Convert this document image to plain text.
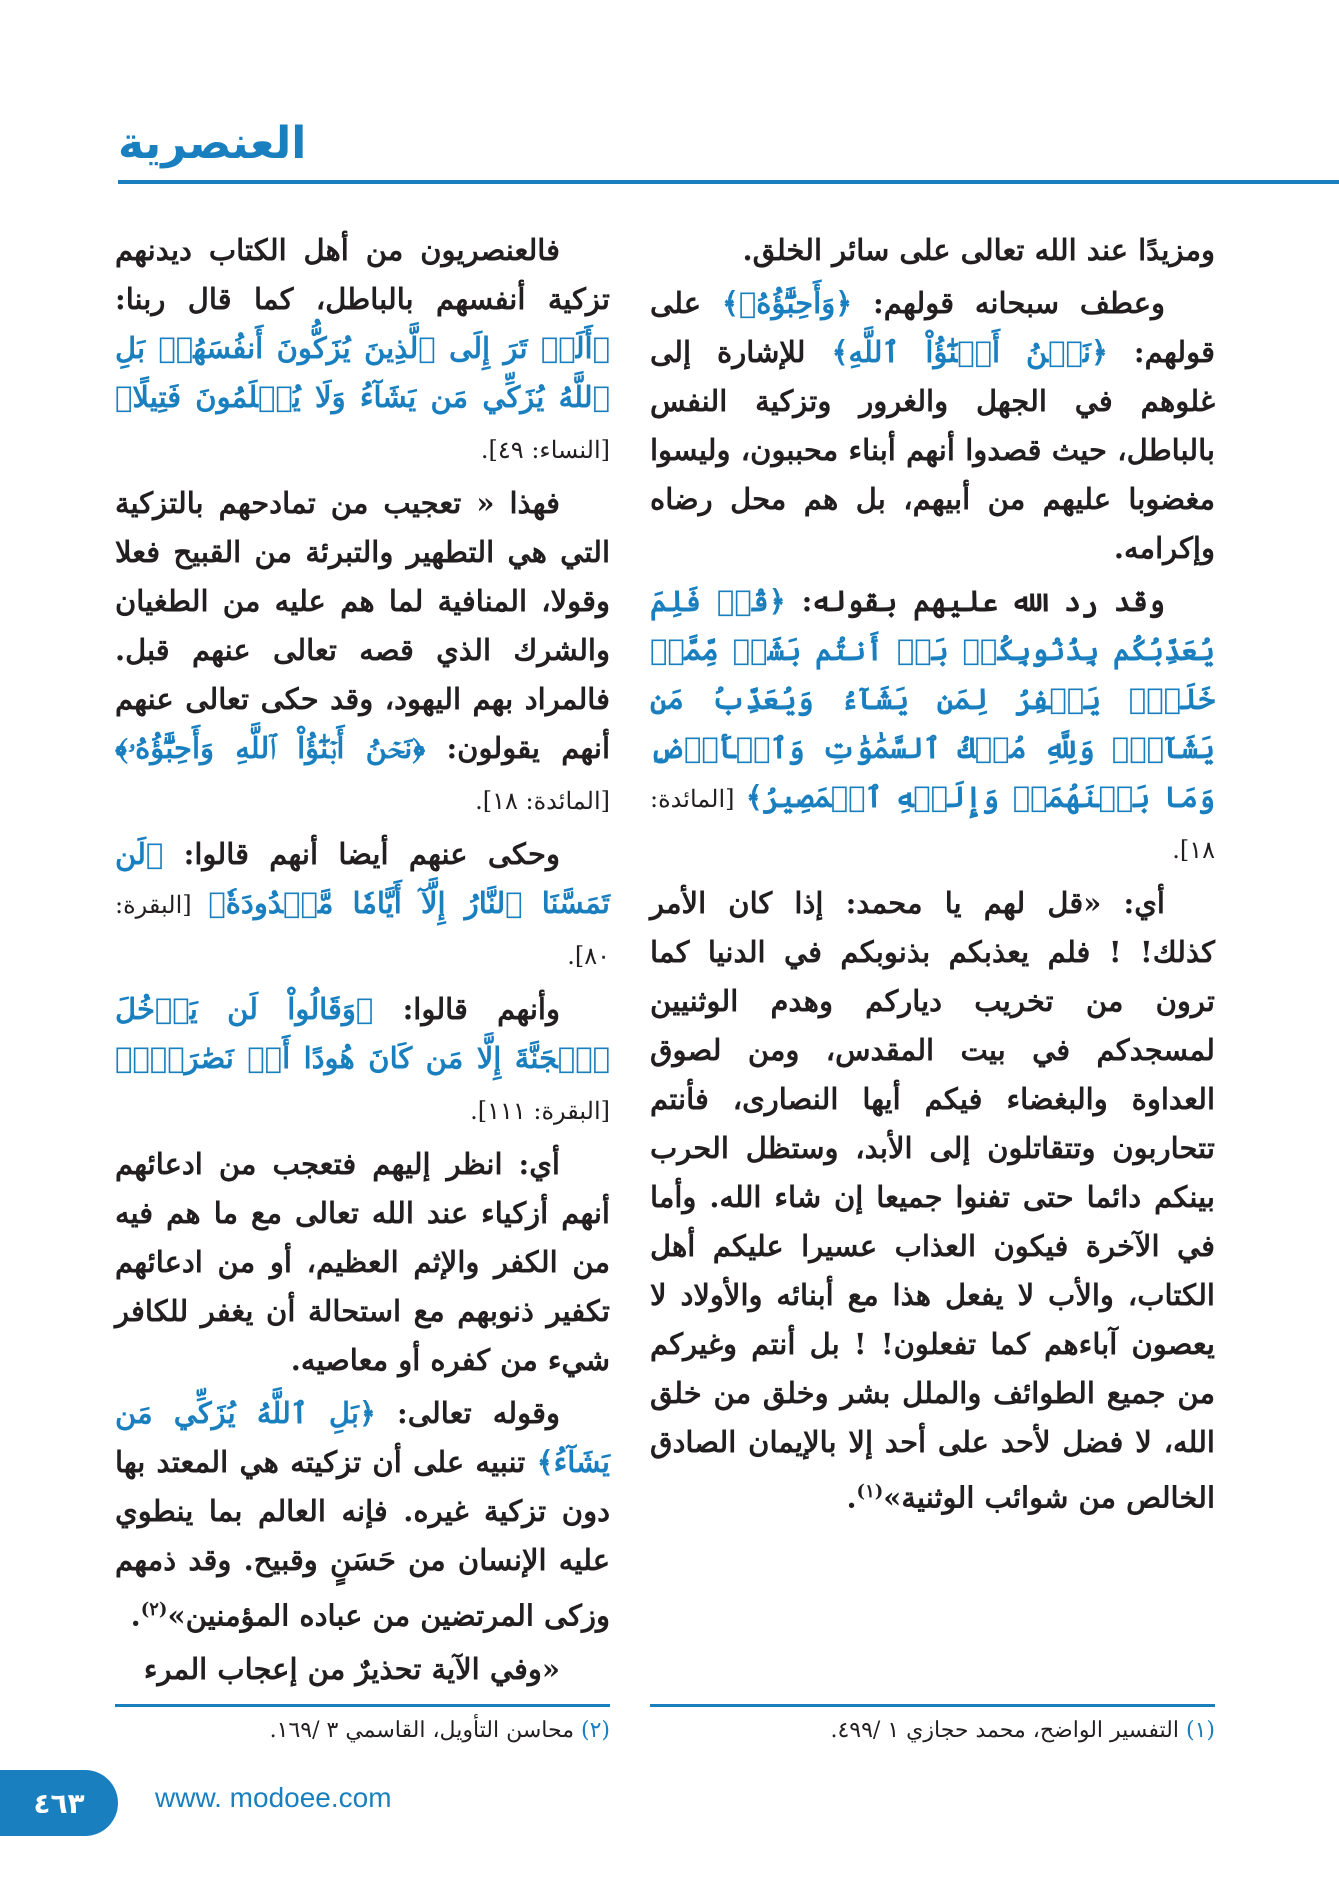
العنصرية

ومزيدًا عند الله تعالى على سائر الخلق.

وعطف سبحانه قولهم: ﴿وَأَحِبَّٰٓؤُهُۥ﴾ على قولهم: ﴿نَحۡنُ أَبۡنَٰٓؤُاْ ٱللَّهِ﴾ للإشارة إلى غلوهم في الجهل والغرور وتزكية النفس بالباطل، حيث قصدوا أنهم أبناء محببون، وليسوا مغضوبا عليهم من أبيهم، بل هم محل رضاه وإكرامه.

وقد رد الله عليهم بقوله: ﴿قُلۡ فَلِمَ يُعَذِّبُكُم بِذُنُوبِكُمۖ بَلۡ أَنتُم بَشَرٞ مِّمَّنۡ خَلَقَۚ يَغۡفِرُ لِمَن يَشَآءُ وَيُعَذِّبُ مَن يَشَآءُۚ وَلِلَّهِ مُلۡكُ ٱلسَّمَٰوَٰتِ وَٱلۡأَرۡضِ وَمَا بَيۡنَهُمَاۖ وَإِلَيۡهِ ٱلۡمَصِيرُ﴾ [المائدة: ١٨].

أي: «قل لهم يا محمد: إذا كان الأمر كذلك! ! فلم يعذبكم بذنوبكم في الدنيا كما ترون من تخريب دياركم وهدم الوثنيين لمسجدكم في بيت المقدس، ومن لصوق العداوة والبغضاء فيكم أيها النصارى، فأنتم تتحاربون وتتقاتلون إلى الأبد، وستظل الحرب بينكم دائما حتى تفنوا جميعا إن شاء الله. وأما في الآخرة فيكون العذاب عسيرا عليكم أهل الكتاب، والأب لا يفعل هذا مع أبنائه والأولاد لا يعصون آباءهم كما تفعلون! ! بل أنتم وغيركم من جميع الطوائف والملل بشر وخلق من خلق الله، لا فضل لأحد على أحد إلا بالإيمان الصادق الخالص من شوائب الوثنية»$^{(١)}$.

فالعنصريون من أهل الكتاب ديدنهم تزكية أنفسهم بالباطل، كما قال ربنا: ﴿أَلَمۡ تَرَ إِلَى ٱلَّذِينَ يُزَكُّونَ أَنفُسَهُمۚ بَلِ ٱللَّهُ يُزَكِّي مَن يَشَآءُ وَلَا يُظۡلَمُونَ فَتِيلًا﴾ [النساء: ٤٩].

فهذا « تعجيب من تمادحهم بالتزكية التي هي التطهير والتبرئة من القبيح فعلا وقولا، المنافية لما هم عليه من الطغيان والشرك الذي قصه تعالى عنهم قبل. فالمراد بهم اليهود، وقد حكى تعالى عنهم أنهم يقولون: ﴿نَحۡنُ أَبۡنَٰٓؤُاْ ٱللَّهِ وَأَحِبَّٰٓؤُهُۥ﴾ [المائدة: ١٨].

وحكى عنهم أيضا أنهم قالوا: ﴿لَن تَمَسَّنَا ٱلنَّارُ إِلَّآ أَيَّامٗا مَّعۡدُودَةٗ﴾ [البقرة: ٨٠].

وأنهم قالوا: ﴿وَقَالُواْ لَن يَدۡخُلَ ٱلۡجَنَّةَ إِلَّا مَن كَانَ هُودًا أَوۡ نَصَٰرَىٰۗ﴾ [البقرة: ١١١].

أي: انظر إليهم فتعجب من ادعائهم أنهم أزكياء عند الله تعالى مع ما هم فيه من الكفر والإثم العظيم، أو من ادعائهم تكفير ذنوبهم مع استحالة أن يغفر للكافر شيء من كفره أو معاصيه.

وقوله تعالى: ﴿بَلِ ٱللَّهُ يُزَكِّي مَن يَشَآءُ﴾ تنبيه على أن تزكيته هي المعتد بها دون تزكية غيره. فإنه العالم بما ينطوي عليه الإنسان من حَسَنٍ وقبيح. وقد ذمهم وزكى المرتضين من عباده المؤمنين»$^{(٢)}$.

«وفي الآية تحذيرٌ من إعجاب المرء

(١) التفسير الواضح، محمد حجازي ١ /٤٩٩.
(٢) محاسن التأويل، القاسمي ٣ /١٦٩.
٤٦٣	www. modoee.com
